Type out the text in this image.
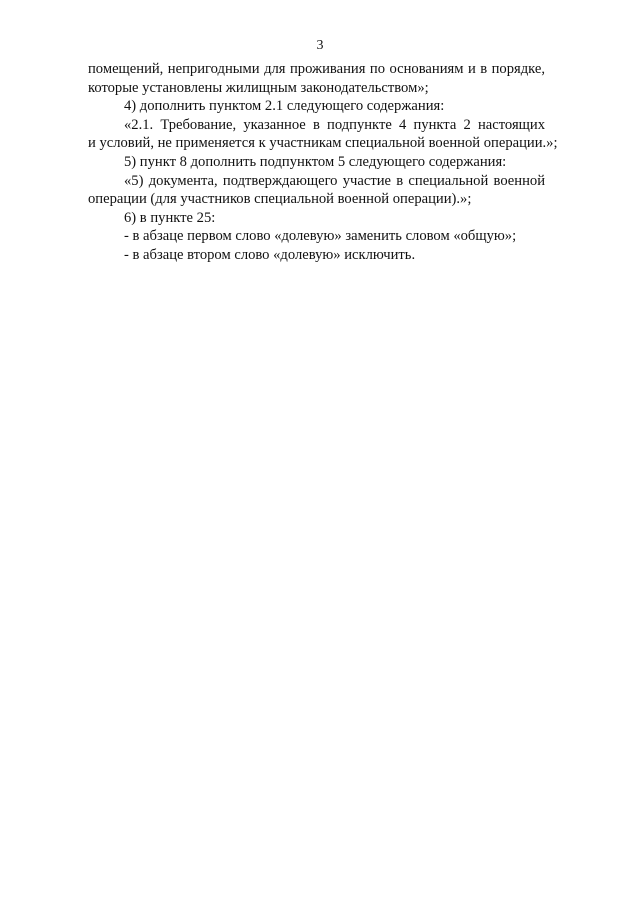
3
помещений, непригодными для проживания по основаниям и в порядке,
которые установлены жилищным законодательством»;
4) дополнить пунктом 2.1 следующего содержания:
«2.1. Требование, указанное в подпункте 4 пункта 2 настоящих
и условий, не применяется к участникам специальной военной операции.»;
5) пункт 8 дополнить подпунктом 5 следующего содержания:
«5) документа, подтверждающего участие в специальной военной
операции (для участников специальной военной операции).»;
6) в пункте 25:
- в абзаце первом слово «долевую» заменить словом «общую»;
- в абзаце втором слово «долевую» исключить.
